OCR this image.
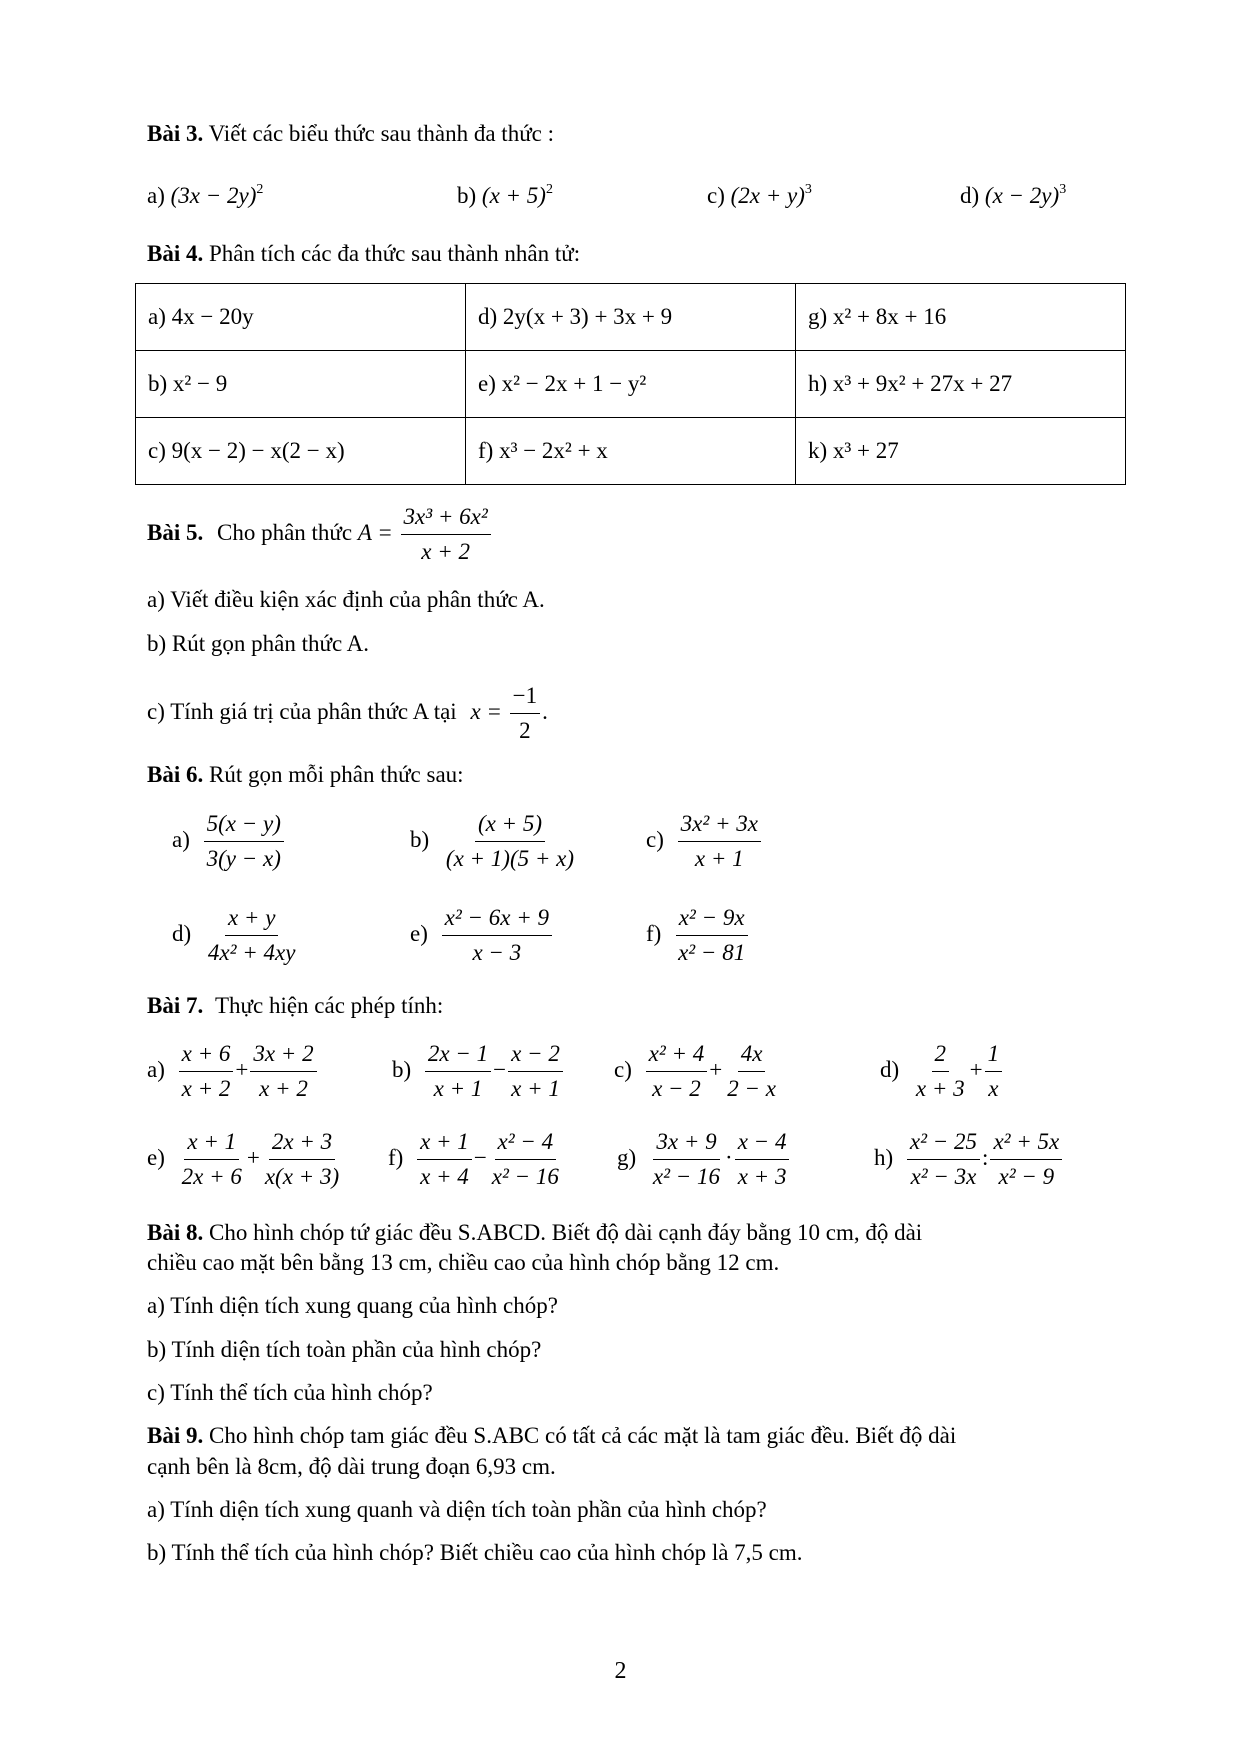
Bài 3. Viết các biểu thức sau thành đa thức :
a) $(3x - 2y)^2$	b) $(x + 5)^2$	c) $(2x + y)^3$	d) $(x - 2y)^3$
Bài 4. Phân tích các đa thức sau thành nhân tử:
a) 4x − 20y	d) 2y(x + 3) + 3x + 9	g) x² + 8x + 16
b) x² − 9	e) x² − 2x + 1 − y²	h) x³ + 9x² + 27x + 27
c) 9(x − 2) − x(2 − x)	f) x³ − 2x² + x	k) x³ + 27
Bài 5. Cho phân thức $A = \frac{\text{3x³ + 6x²}}{x + 2}$
a) Viết điều kiện xác định của phân thức A.
b) Rút gọn phân thức A.
c) Tính giá trị của phân thức A tại $x = \frac{-1}{2}$ .
Bài 6. Rút gọn mỗi phân thức sau:
$a) \frac{5(x - y)}{3(y - x)}$	$b) \frac{(x + 5)}{(x + 1)(5 + x)}$	$c) \frac{\text{3x² + 3x}}{x + 1}$
$d) \frac{x + y}{\text{4x² + 4xy}}$	$e) \frac{\text{x² − 6x + 9}}{x - 3}$	$f) \frac{\text{x² − 9x}}{\text{x² − 81}}$
Bài 7. Thực hiện các phép tính:
$a) \frac{x + 6}{x + 2} + \frac{3x + 2}{x + 2}$	$b) \frac{2x - 1}{x + 1} - \frac{x - 2}{x + 1} c) \frac{\text{x² + 4}}{x - 2} + \frac{4x}{2 - x}$	$d) \frac{2}{x + 3} + \frac{1}{x}$
$e) \frac{x + 1}{2x + 6} + \frac{2x + 3}{x(x + 3)} f) \frac{x + 1}{x + 4} - \frac{\text{x² − 4}}{\text{x² − 16}} g) \frac{3x + 9}{\text{x² − 16}} \cdot \frac{x - 4}{x + 3}$	$h) \frac{\text{x² − 25}}{\text{x² − 3x}}$ : $\frac{\text{x² + 5x}}{\text{x² − 9}}$
Bài 8. Cho hình chóp tứ giác đều S.ABCD. Biết độ dài cạnh đáy bằng 10 cm, độ dài
chiều cao mặt bên bằng 13 cm, chiều cao của hình chóp bằng 12 cm.
a) Tính diện tích xung quang của hình chóp?
b) Tính diện tích toàn phần của hình chóp?
c) Tính thể tích của hình chóp?
Bài 9. Cho hình chóp tam giác đều S.ABC có tất cả các mặt là tam giác đều. Biết độ dài
cạnh bên là 8cm, độ dài trung đoạn 6,93 cm.
a) Tính diện tích xung quanh và diện tích toàn phần của hình chóp?
b) Tính thể tích của hình chóp? Biết chiều cao của hình chóp là 7,5 cm.
2
